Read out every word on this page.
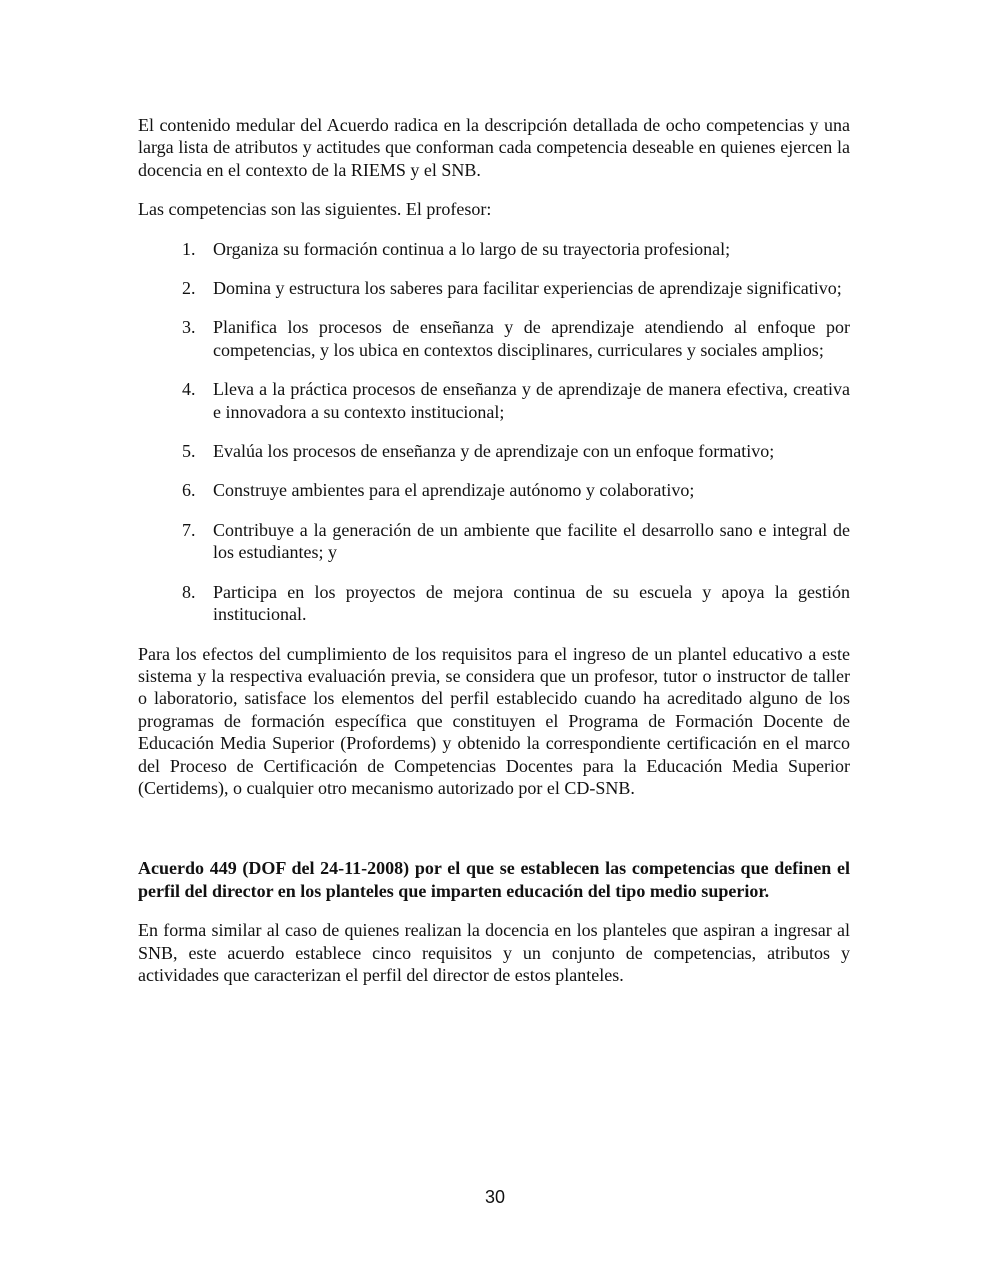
El contenido medular del Acuerdo radica en la descripción detallada de ocho competencias y una larga lista de atributos y actitudes que conforman cada competencia deseable en quienes ejercen la docencia en el contexto de la RIEMS y el SNB.

Las competencias son las siguientes. El profesor:

1. Organiza su formación continua a lo largo de su trayectoria profesional;
2. Domina y estructura los saberes para facilitar experiencias de aprendizaje significativo;
3. Planifica los procesos de enseñanza y de aprendizaje atendiendo al enfoque por competencias, y los ubica en contextos disciplinares, curriculares y sociales amplios;
4. Lleva a la práctica procesos de enseñanza y de aprendizaje de manera efectiva, creativa e innovadora a su contexto institucional;
5. Evalúa los procesos de enseñanza y de aprendizaje con un enfoque formativo;
6. Construye ambientes para el aprendizaje autónomo y colaborativo;
7. Contribuye a la generación de un ambiente que facilite el desarrollo sano e integral de los estudiantes; y
8. Participa en los proyectos de mejora continua de su escuela y apoya la gestión institucional.

Para los efectos del cumplimiento de los requisitos para el ingreso de un plantel educativo a este sistema y la respectiva evaluación previa, se considera que un profesor, tutor o instructor de taller o laboratorio, satisface los elementos del perfil establecido cuando ha acreditado alguno de los programas de formación específica que constituyen el Programa de Formación Docente de Educación Media Superior (Profordems) y obtenido la correspondiente certificación en el marco del Proceso de Certificación de Competencias Docentes para la Educación Media Superior (Certidems), o cualquier otro mecanismo autorizado por el CD-SNB.

Acuerdo 449 (DOF del 24-11-2008) por el que se establecen las competencias que definen el perfil del director en los planteles que imparten educación del tipo medio superior.

En forma similar al caso de quienes realizan la docencia en los planteles que aspiran a ingresar al SNB, este acuerdo establece cinco requisitos y un conjunto de competencias, atributos y actividades que caracterizan el perfil del director de estos planteles.

30
